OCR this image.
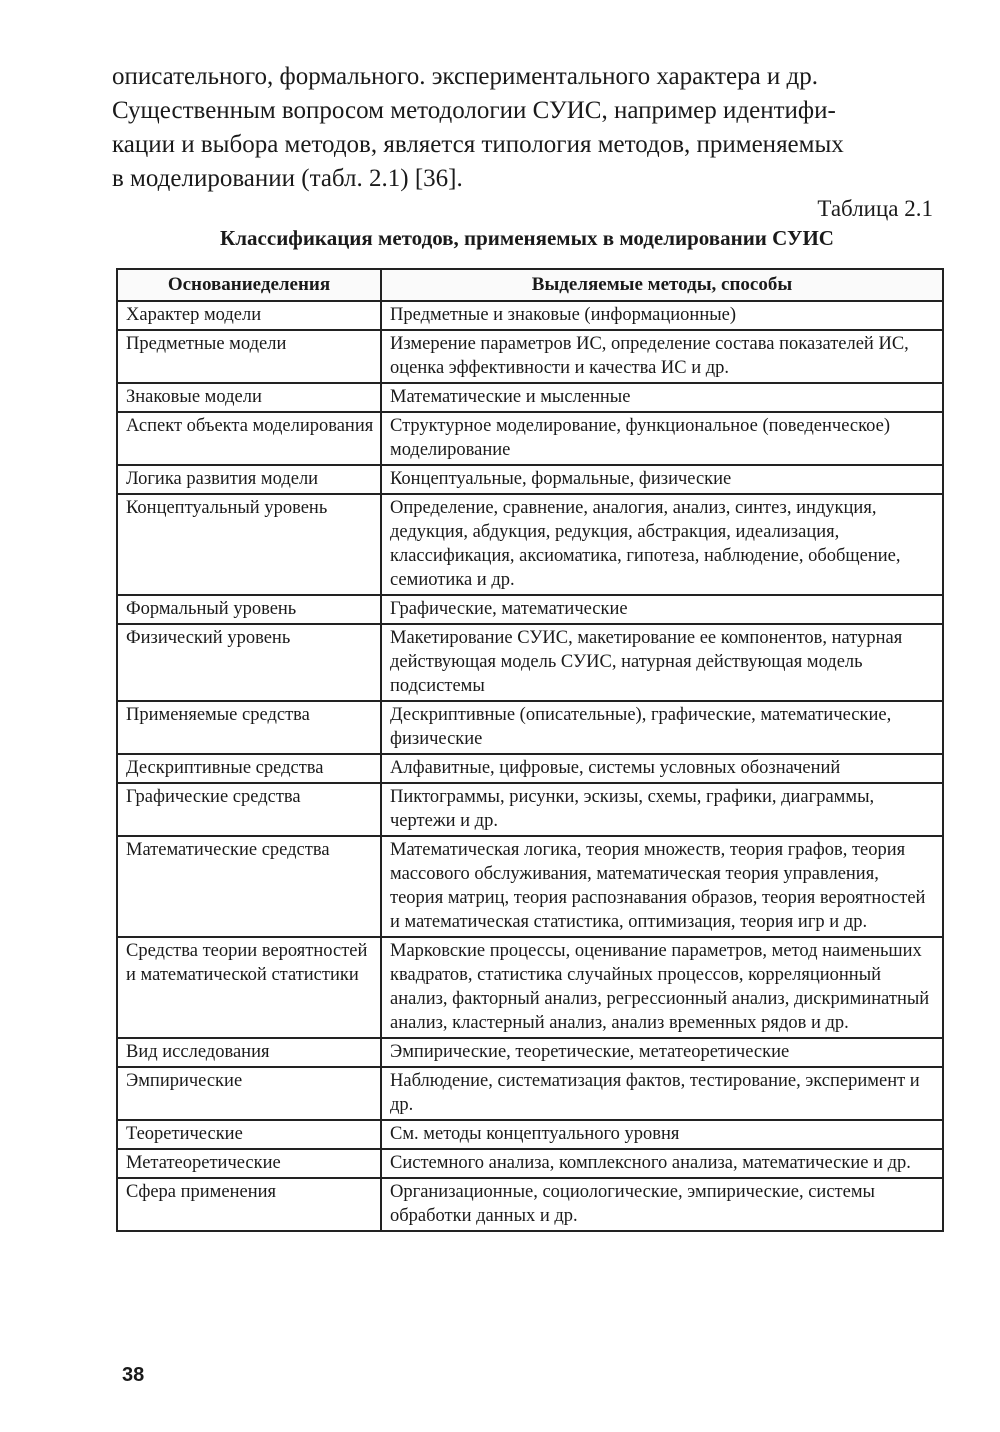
описательного, формального. экспериментального характера и др.
Существенным вопросом методологии СУИС, например идентифи-
кации и выбора методов, является типология методов, применяемых
в моделировании (табл. 2.1) [36].

Таблица 2.1

Классификация методов, применяемых в моделировании СУИС

Основаниеделения	Выделяемые методы, способы
Характер модели	Предметные и знаковые (информационные)
Предметные модели	Измерение параметров ИС, определение состава показателей ИС, оценка эффективности и качества ИС и др.
Знаковые модели	Математические и мысленные
Аспект объекта моделирования	Структурное моделирование, функциональное (поведенческое) моделирование
Логика развития модели	Концептуальные, формальные, физические
Концептуальный уровень	Определение, сравнение, аналогия, анализ, синтез, индукция, дедукция, абдукция, редукция, абстракция, идеализация, классификация, аксиоматика, гипотеза, наблюдение, обобщение, семиотика и др.
Формальный уровень	Графические, математические
Физический уровень	Макетирование СУИС, макетирование ее компонентов, натурная действующая модель СУИС, натурная действующая модель подсистемы
Применяемые средства	Дескриптивные (описательные), графические, математические, физические
Дескриптивные средства	Алфавитные, цифровые, системы условных обозначений
Графические средства	Пиктограммы, рисунки, эскизы, схемы, графики, диаграммы, чертежи и др.
Математические средства	Математическая логика, теория множеств, теория графов, теория массового обслуживания, математическая теория управления, теория матриц, теория распознавания образов, теория вероятностей и математическая статистика, оптимизация, теория игр и др.
Средства теории вероятностей и математической статистики	Марковские процессы, оценивание параметров, метод наименьших квадратов, статистика случайных процессов, корреляционный анализ, факторный анализ, регрессионный анализ, дискриминатный анализ, кластерный анализ, анализ временных рядов и др.
Вид исследования	Эмпирические, теоретические, метатеоретические
Эмпирические	Наблюдение, систематизация фактов, тестирование, эксперимент и др.
Теоретические	См. методы концептуального уровня
Метатеоретические	Системного анализа, комплексного анализа, математические и др.
Сфера применения	Организационные, социологические, эмпирические, системы обработки данных и др.

38
